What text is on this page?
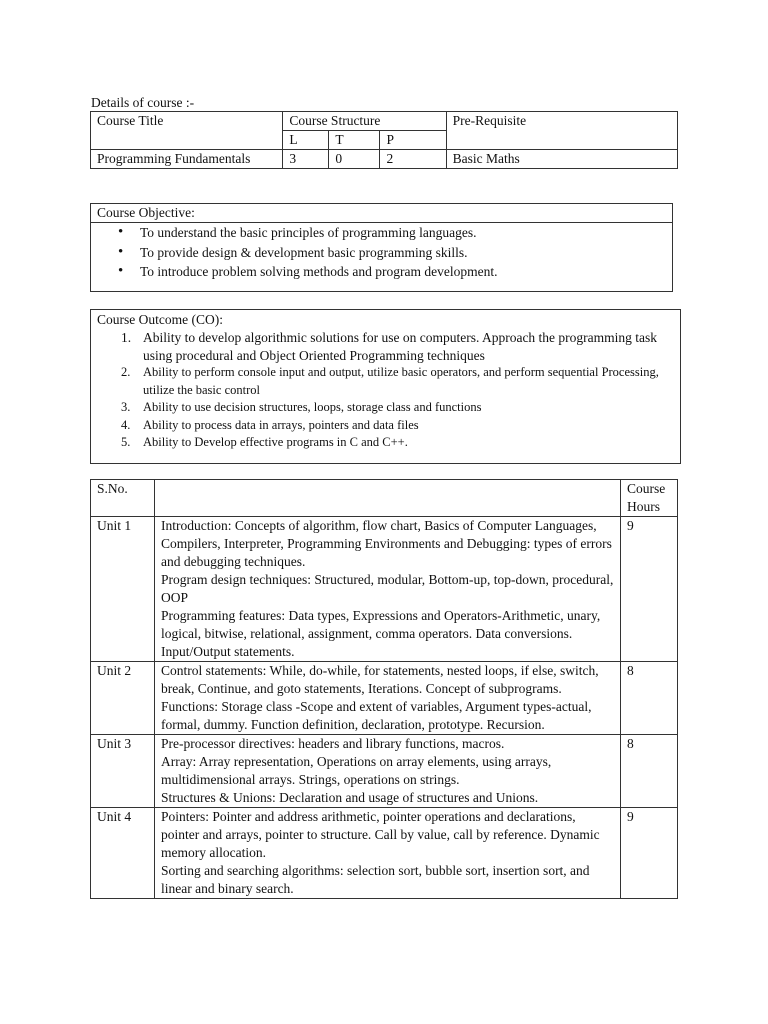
Details of course :-
Course Title	Course Structure			Pre-Requisite
	L	T	P	
Programming Fundamentals	3	0	2	Basic Maths
Course Objective:
• To understand the basic principles of programming languages.
• To provide design & development basic programming skills.
• To introduce problem solving methods and program development.
Course Outcome (CO):
1. Ability to develop algorithmic solutions for use on computers. Approach the programming task using procedural and Object Oriented Programming techniques
2. Ability to perform console input and output, utilize basic operators, and perform sequential Processing, utilize the basic control
3. Ability to use decision structures, loops, storage class and functions
4. Ability to process data in arrays, pointers and data files
5. Ability to Develop effective programs in C and C++.
S.No.		Course Hours
Unit 1	Introduction: Concepts of algorithm, flow chart, Basics of Computer Languages, Compilers, Interpreter, Programming Environments and Debugging: types of errors and debugging techniques.
Program design techniques: Structured, modular, Bottom-up, top-down, procedural, OOP
Programming features: Data types, Expressions and Operators-Arithmetic, unary, logical, bitwise, relational, assignment, comma operators. Data conversions. Input/Output statements.	9
Unit 2	Control statements: While, do-while, for statements, nested loops, if else, switch, break, Continue, and goto statements, Iterations. Concept of subprograms.
Functions: Storage class -Scope and extent of variables, Argument types-actual, formal, dummy. Function definition, declaration, prototype. Recursion.	8
Unit 3	Pre-processor directives: headers and library functions, macros.
Array: Array representation, Operations on array elements, using arrays, multidimensional arrays. Strings, operations on strings.
Structures & Unions: Declaration and usage of structures and Unions.	8
Unit 4	Pointers: Pointer and address arithmetic, pointer operations and declarations, pointer and arrays, pointer to structure. Call by value, call by reference. Dynamic memory allocation.
Sorting and searching algorithms: selection sort, bubble sort, insertion sort, and linear and binary search.	9
